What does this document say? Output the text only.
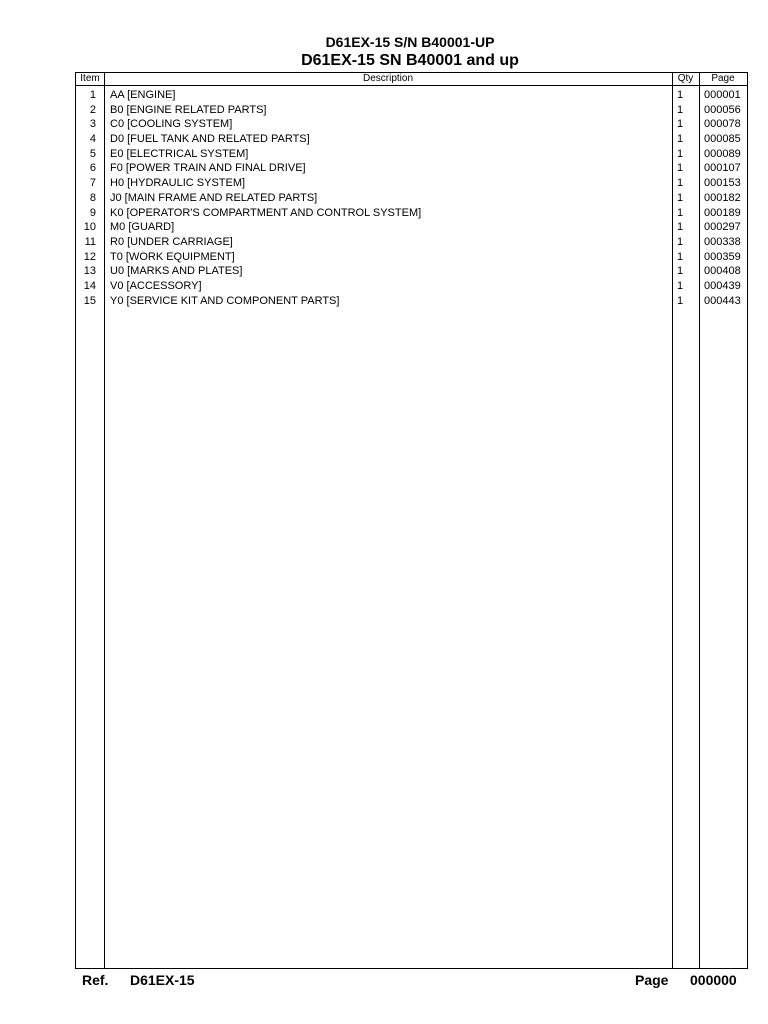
D61EX-15 S/N B40001-UP
D61EX-15 SN B40001 and up
Item	Description	Qty	Page
1 AA [ENGINE]	1 000001
2 B0 [ENGINE RELATED PARTS]	1 000056
3 C0 [COOLING SYSTEM]	1 000078
4 D0 [FUEL TANK AND RELATED PARTS]	1 000085
5 E0 [ELECTRICAL SYSTEM]	1 000089
6 F0 [POWER TRAIN AND FINAL DRIVE]	1 000107
7 H0 [HYDRAULIC SYSTEM]	1 000153
8 J0 [MAIN FRAME AND RELATED PARTS]	1 000182
9 K0 [OPERATOR'S COMPARTMENT AND CONTROL SYSTEM]	1 000189
10 M0 [GUARD]	1 000297
11 R0 [UNDER CARRIAGE]	1 000338
12 T0 [WORK EQUIPMENT]	1 000359
13 U0 [MARKS AND PLATES]	1 000408
14 V0 [ACCESSORY]	1 000439
15 Y0 [SERVICE KIT AND COMPONENT PARTS]	1 000443
Ref. D61EX-15	Page 000000
